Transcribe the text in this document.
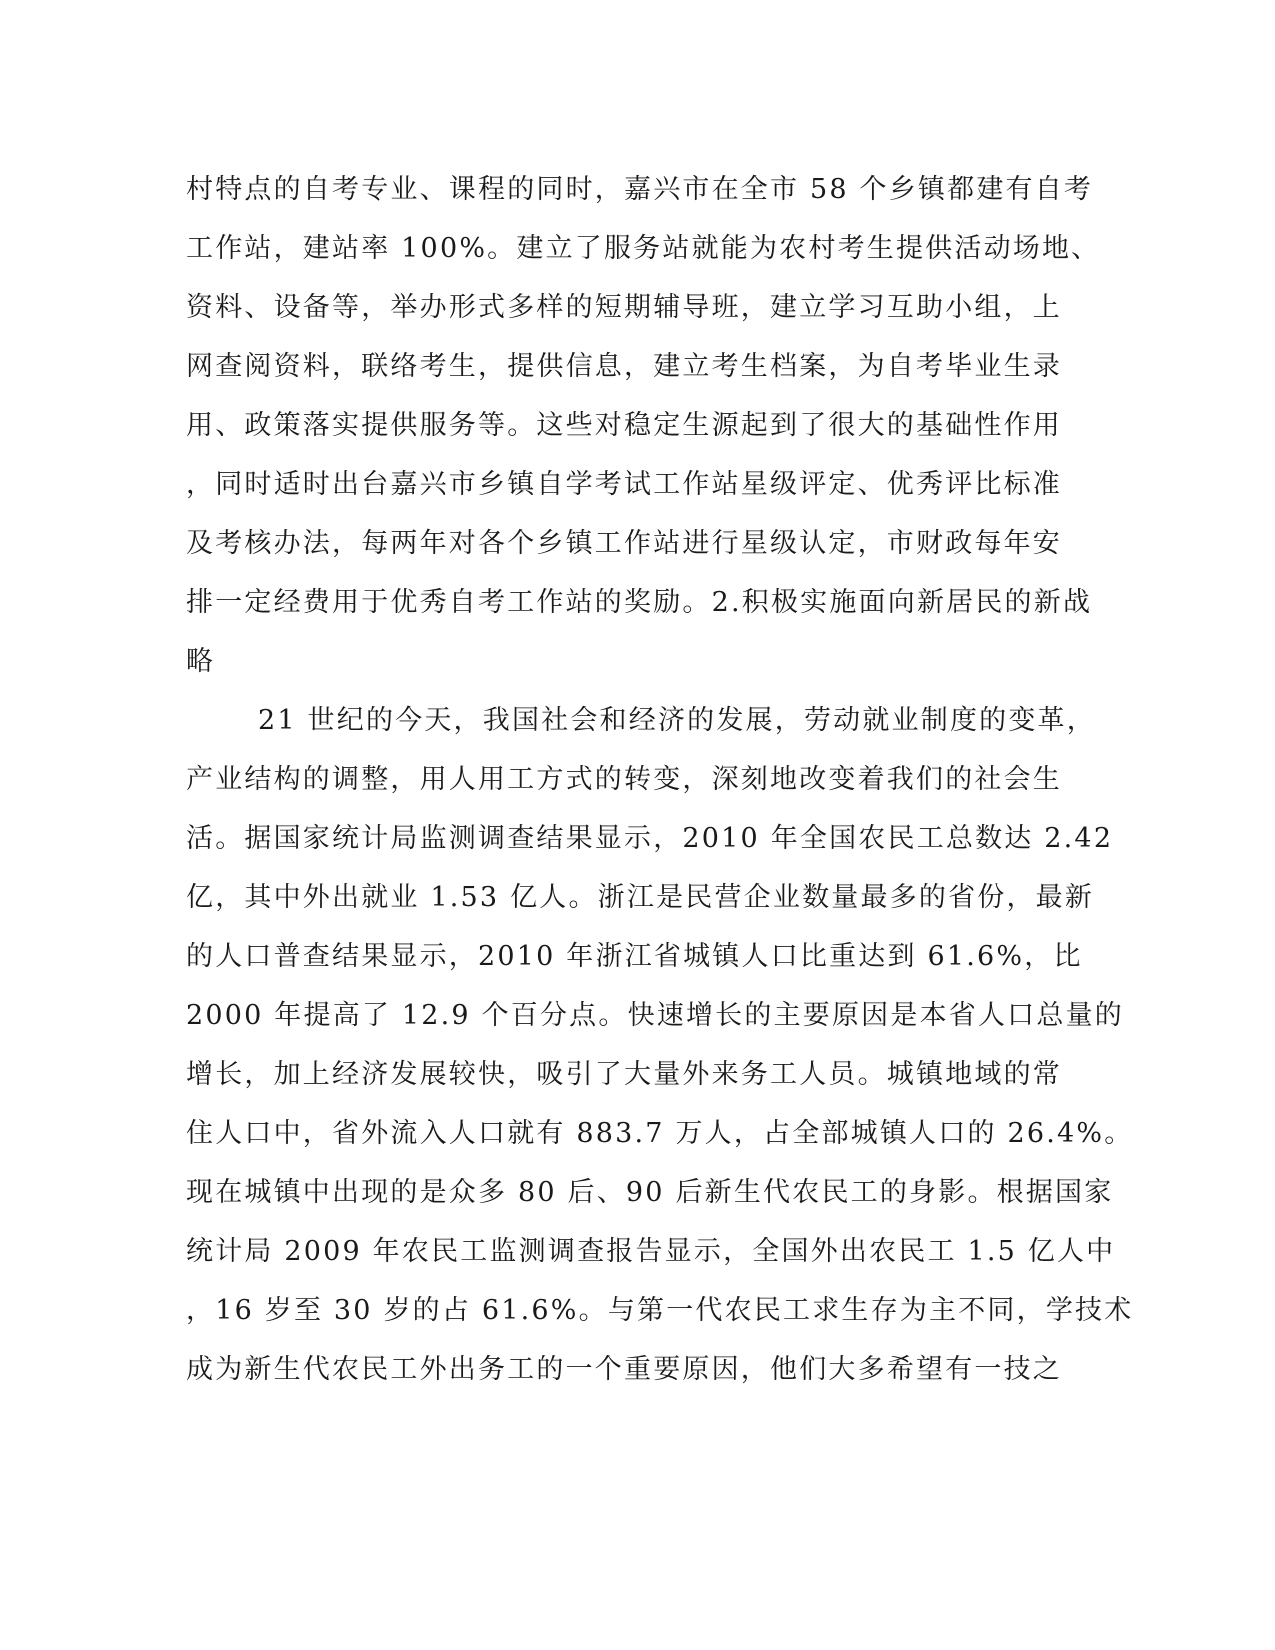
村特点的自考专业、课程的同时，嘉兴市在全市 58 个乡镇都建有自考
工作站，建站率 100%。建立了服务站就能为农村考生提供活动场地、
资料、设备等，举办形式多样的短期辅导班，建立学习互助小组，上
网查阅资料，联络考生，提供信息，建立考生档案，为自考毕业生录
用、政策落实提供服务等。这些对稳定生源起到了很大的基础性作用
，同时适时出台嘉兴市乡镇自学考试工作站星级评定、优秀评比标准
及考核办法，每两年对各个乡镇工作站进行星级认定，市财政每年安
排一定经费用于优秀自考工作站的奖励。2.积极实施面向新居民的新战
略
21 世纪的今天，我国社会和经济的发展，劳动就业制度的变革，
产业结构的调整，用人用工方式的转变，深刻地改变着我们的社会生
活。据国家统计局监测调查结果显示，2010 年全国农民工总数达 2.42
亿，其中外出就业 1.53 亿人。浙江是民营企业数量最多的省份，最新
的人口普查结果显示，2010 年浙江省城镇人口比重达到 61.6%，比
2000 年提高了 12.9 个百分点。快速增长的主要原因是本省人口总量的
增长，加上经济发展较快，吸引了大量外来务工人员。城镇地域的常
住人口中，省外流入人口就有 883.7 万人，占全部城镇人口的 26.4%。
现在城镇中出现的是众多 80 后、90 后新生代农民工的身影。根据国家
统计局 2009 年农民工监测调查报告显示，全国外出农民工 1.5 亿人中
，16 岁至 30 岁的占 61.6%。与第一代农民工求生存为主不同，学技术
成为新生代农民工外出务工的一个重要原因，他们大多希望有一技之
